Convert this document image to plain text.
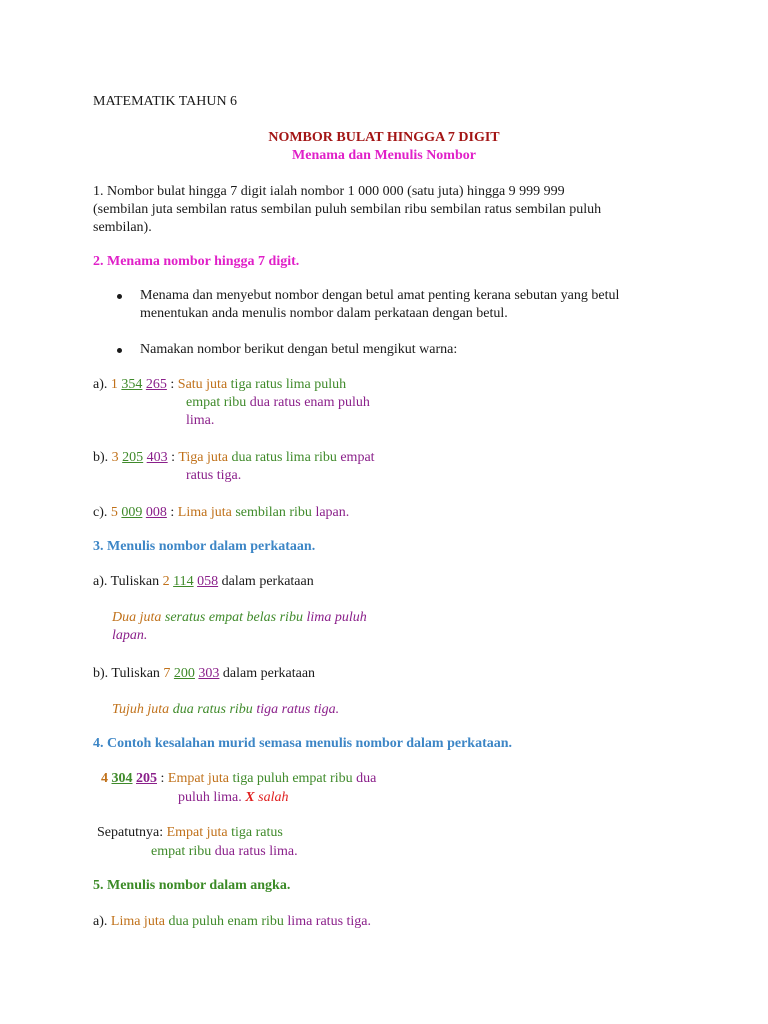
MATEMATIK TAHUN 6
NOMBOR BULAT HINGGA 7 DIGIT
Menama dan Menulis Nombor
1. Nombor bulat hingga 7 digit ialah nombor 1 000 000 (satu juta) hingga 9 999 999
(sembilan juta sembilan ratus sembilan puluh sembilan ribu sembilan ratus sembilan puluh
sembilan).
2. Menama nombor hingga 7 digit.
Menama dan menyebut nombor dengan betul amat penting kerana sebutan yang betul
menentukan anda menulis nombor dalam perkataan dengan betul.
Namakan nombor berikut dengan betul mengikut warna:
a). 1 354 265 : Satu juta tiga ratus lima puluh
empat ribu dua ratus enam puluh
lima.
b). 3 205 403 : Tiga juta dua ratus lima ribu empat
ratus tiga.
c). 5 009 008 : Lima juta sembilan ribu lapan.
3. Menulis nombor dalam perkataan.
a). Tuliskan 2 114 058 dalam perkataan
Dua juta seratus empat belas ribu lima puluh
lapan.
b). Tuliskan 7 200 303 dalam perkataan
Tujuh juta dua ratus ribu tiga ratus tiga.
4. Contoh kesalahan murid semasa menulis nombor dalam perkataan.
4 304 205 : Empat juta tiga puluh empat ribu dua
puluh lima. X salah
Sepatutnya: Empat juta tiga ratus
empat ribu dua ratus lima.
5. Menulis nombor dalam angka.
a). Lima juta dua puluh enam ribu lima ratus tiga.
